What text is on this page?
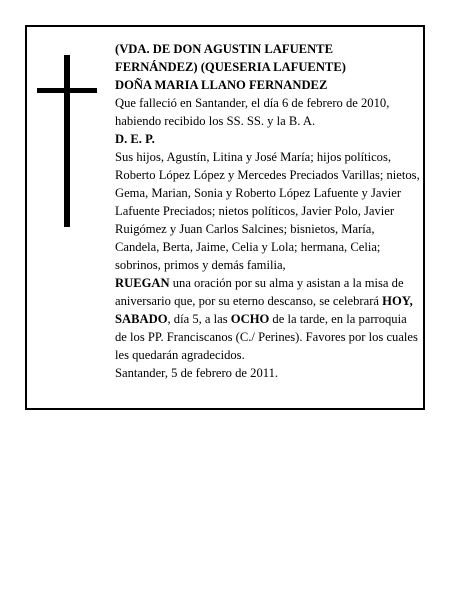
(VDA. DE DON AGUSTIN LAFUENTE

FERNÁNDEZ) (QUESERIA LAFUENTE)

DOÑA MARIA LLANO FERNANDEZ

Que falleció en Santander, el día 6 de febrero de 2010, habiendo recibido los SS. SS. y la B. A.

D. E. P.

Sus hijos, Agustín, Litina y José María; hijos políticos, Roberto López López y Mercedes Preciados Varillas; nietos, Gema, Marian, Sonia y Roberto López Lafuente y Javier Lafuente Preciados; nietos políticos, Javier Polo, Javier Ruigómez y Juan Carlos Salcines; bisnietos, María, Candela, Berta, Jaime, Celia y Lola; hermana, Celia; sobrinos, primos y demás familia,

RUEGAN una oración por su alma y asistan a la misa de aniversario que, por su eterno descanso, se celebrará HOY, SABADO, día 5, a las OCHO de la tarde, en la parroquia de los PP. Franciscanos (C./ Perines). Favores por los cuales les quedarán agradecidos.

Santander, 5 de febrero de 2011.
